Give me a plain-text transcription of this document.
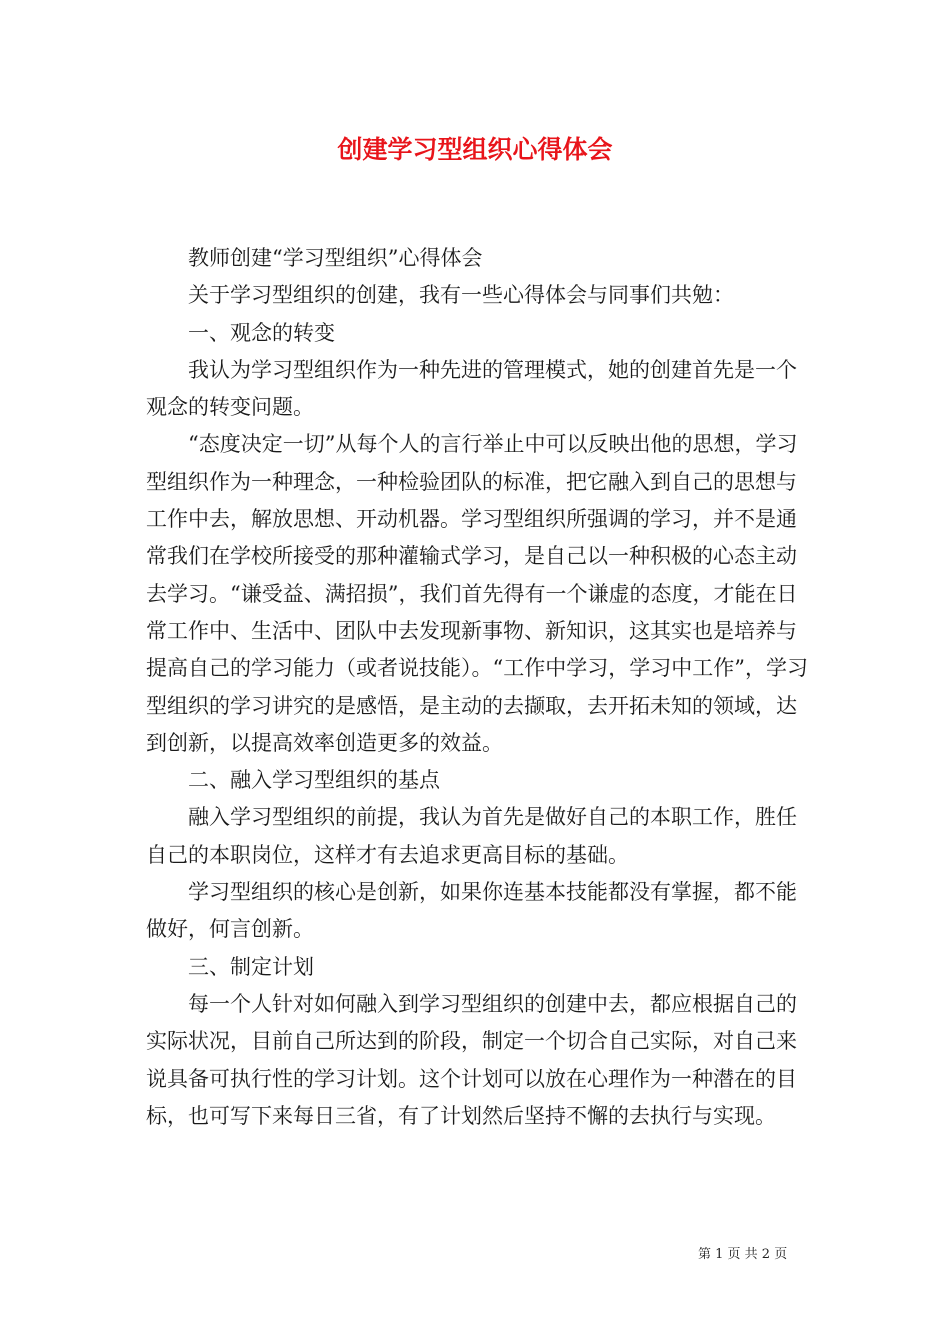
创建学习型组织心得体会

教师创建“学习型组织”心得体会

关于学习型组织的创建，我有一些心得体会与同事们共勉：

一、观念的转变

我认为学习型组织作为一种先进的管理模式，她的创建首先是一个观念的转变问题。

“态度决定一切”从每个人的言行举止中可以反映出他的思想，学习型组织作为一种理念，一种检验团队的标准，把它融入到自己的思想与工作中去，解放思想、开动机器。学习型组织所强调的学习，并不是通常我们在学校所接受的那种灌输式学习，是自己以一种积极的心态主动去学习。“谦受益、满招损”，我们首先得有一个谦虚的态度，才能在日常工作中、生活中、团队中去发现新事物、新知识，这其实也是培养与提高自己的学习能力（或者说技能）。“工作中学习，学习中工作”，学习型组织的学习讲究的是感悟，是主动的去撷取，去开拓未知的领域，达到创新，以提高效率创造更多的效益。

二、融入学习型组织的基点

融入学习型组织的前提，我认为首先是做好自己的本职工作，胜任自己的本职岗位，这样才有去追求更高目标的基础。

学习型组织的核心是创新，如果你连基本技能都没有掌握，都不能做好，何言创新。

三、制定计划

每一个人针对如何融入到学习型组织的创建中去，都应根据自己的实际状况，目前自己所达到的阶段，制定一个切合自己实际，对自己来说具备可执行性的学习计划。这个计划可以放在心理作为一种潜在的目标，也可写下来每日三省，有了计划然后坚持不懈的去执行与实现。

第 1 页 共 2 页
